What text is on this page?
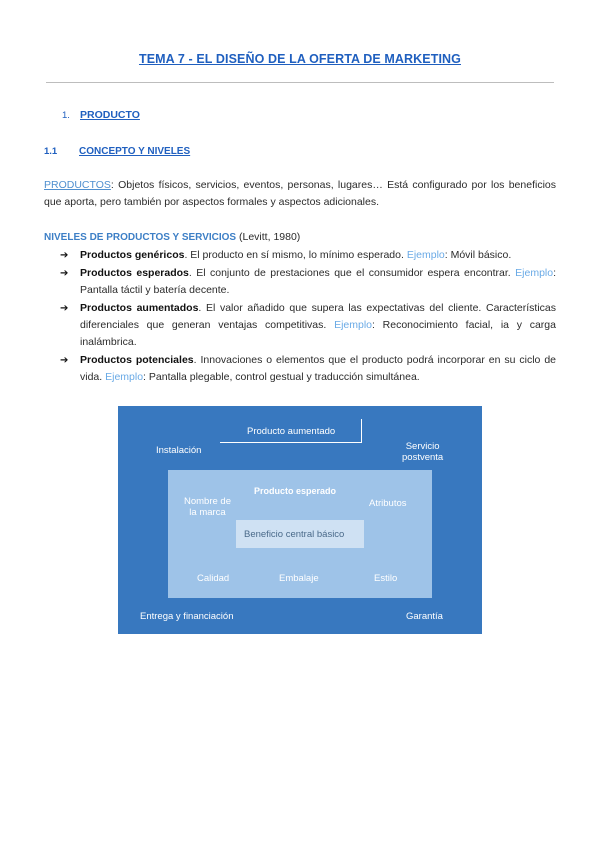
TEMA 7 - EL DISEÑO DE LA OFERTA DE MARKETING
1. PRODUCTO
1.1 CONCEPTO Y NIVELES

PRODUCTOS: Objetos físicos, servicios, eventos, personas, lugares… Está configurado por los beneficios que aporta, pero también por aspectos formales y aspectos adicionales.

NIVELES DE PRODUCTOS Y SERVICIOS (Levitt, 1980)
➔ Productos genéricos. El producto en sí mismo, lo mínimo esperado. Ejemplo: Móvil básico.
➔ Productos esperados. El conjunto de prestaciones que el consumidor espera encontrar. Ejemplo: Pantalla táctil y batería decente.
➔ Productos aumentados. El valor añadido que supera las expectativas del cliente. Características diferenciales que generan ventajas competitivas. Ejemplo: Reconocimiento facial, ia y carga inalámbrica.
➔ Productos potenciales. Innovaciones o elementos que el producto podrá incorporar en su ciclo de vida. Ejemplo: Pantalla plegable, control gestual y traducción simultánea.
Producto aumentado
Instalación	Servicio
postventa
Producto esperado
Nombre de
la marca
Atributos
Beneficio central básico
Calidad	Embalaje	Estilo
Entrega y financiación	Garantía
